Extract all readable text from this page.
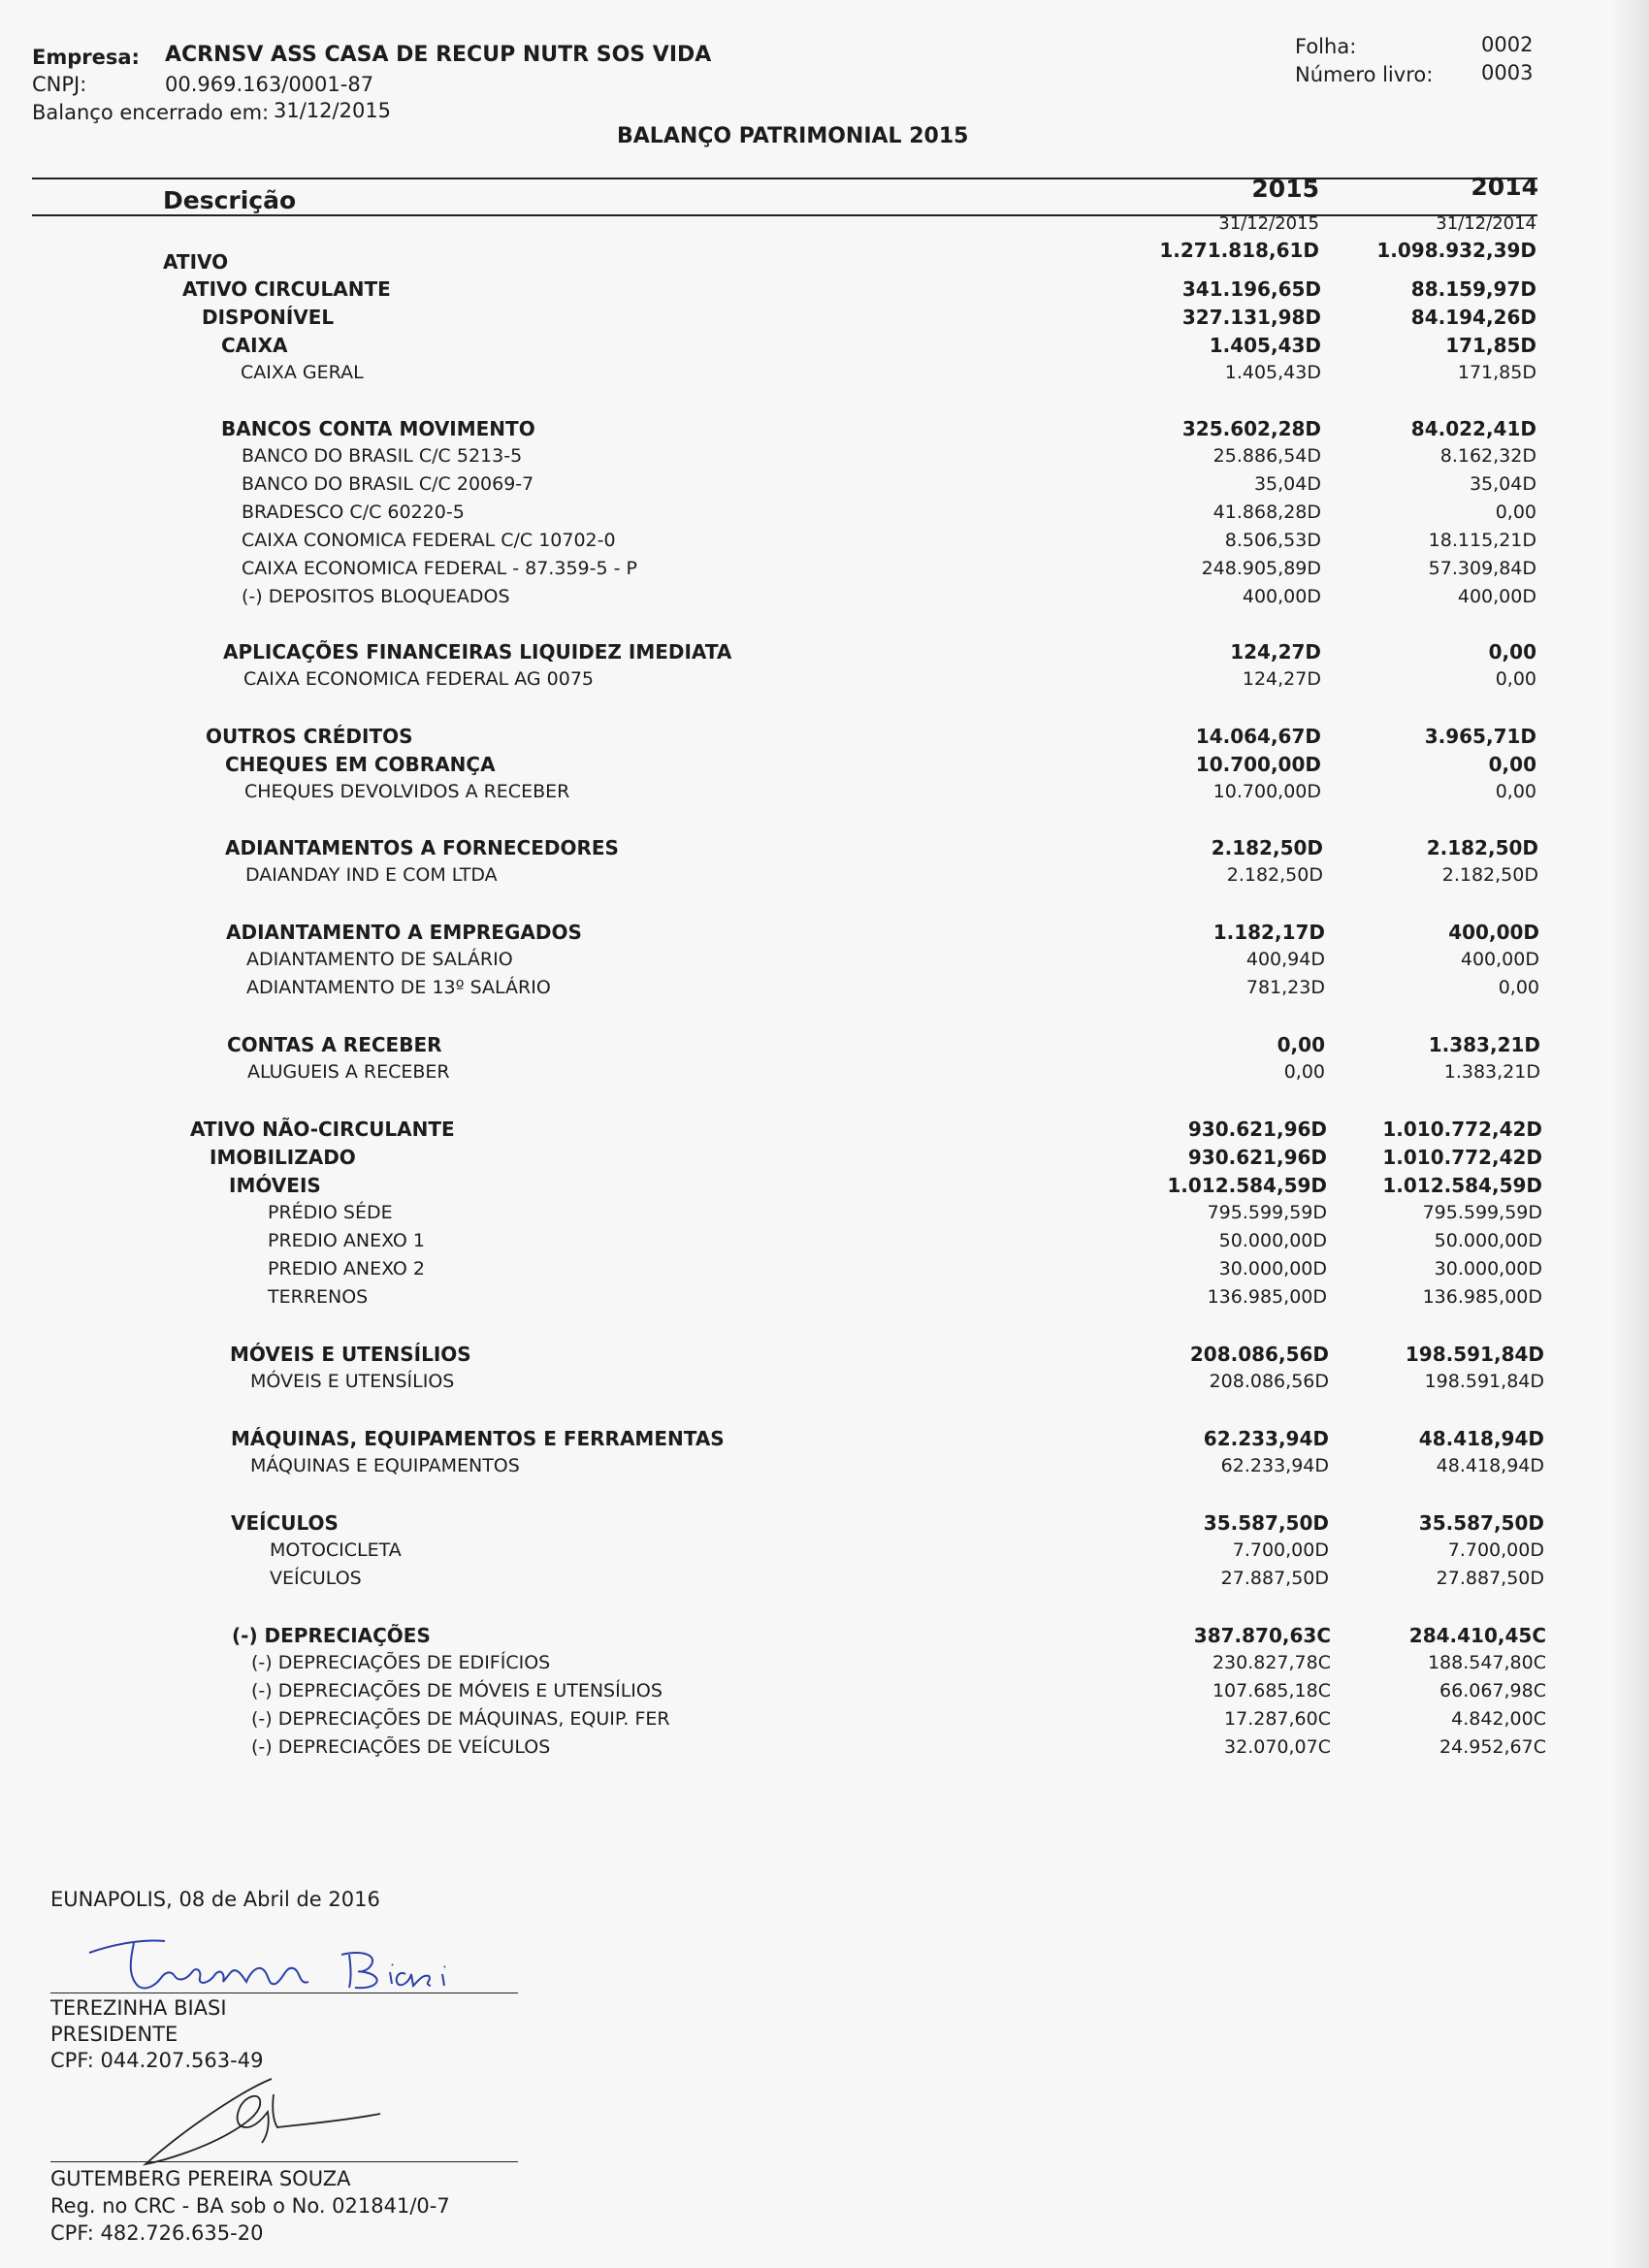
Empresa: ACRNSV ASS CASA DE RECUP NUTR SOS VIDA
CNPJ:	00.969.163/0001-87
Balanço encerrado em: 31/12/2015
Folha:	0002
Número livro: 0003
BALANÇO PATRIMONIAL 2015
Descrição	2015	2014
31/12/2015	31/12/2014
ATIVO	1.271.818,61D	1.098.932,39D
ATIVO CIRCULANTE	341.196,65D	88.159,97D
DISPONÍVEL	327.131,98D	84.194,26D
CAIXA	1.405,43D	171,85D
CAIXA GERAL	1.405,43D	171,85D
BANCOS CONTA MOVIMENTO	325.602,28D	84.022,41D
BANCO DO BRASIL C/C 5213-5	25.886,54D	8.162,32D
BANCO DO BRASIL C/C 20069-7	35,04D	35,04D
BRADESCO C/C 60220-5	41.868,28D	0,00
CAIXA CONOMICA FEDERAL C/C 10702-0	8.506,53D	18.115,21D
CAIXA ECONOMICA FEDERAL - 87.359-5 - P	248.905,89D	57.309,84D
(-) DEPOSITOS BLOQUEADOS	400,00D	400,00D
APLICAÇÕES FINANCEIRAS LIQUIDEZ IMEDIATA	124,27D	0,00
CAIXA ECONOMICA FEDERAL AG 0075	124,27D	0,00
OUTROS CRÉDITOS	14.064,67D	3.965,71D
CHEQUES EM COBRANÇA	10.700,00D	0,00
CHEQUES DEVOLVIDOS A RECEBER	10.700,00D	0,00
ADIANTAMENTOS A FORNECEDORES	2.182,50D	2.182,50D
DAIANDAY IND E COM LTDA	2.182,50D	2.182,50D
ADIANTAMENTO A EMPREGADOS	1.182,17D	400,00D
ADIANTAMENTO DE SALÁRIO	400,94D	400,00D
ADIANTAMENTO DE 13º SALÁRIO	781,23D	0,00
CONTAS A RECEBER	0,00	1.383,21D
ALUGUEIS A RECEBER	0,00	1.383,21D
ATIVO NÃO-CIRCULANTE	930.621,96D	1.010.772,42D
IMOBILIZADO	930.621,96D	1.010.772,42D
IMÓVEIS	1.012.584,59D	1.012.584,59D
PRÉDIO SÉDE	795.599,59D	795.599,59D
PREDIO ANEXO 1	50.000,00D	50.000,00D
PREDIO ANEXO 2	30.000,00D	30.000,00D
TERRENOS	136.985,00D	136.985,00D
MÓVEIS E UTENSÍLIOS	208.086,56D	198.591,84D
MÓVEIS E UTENSÍLIOS	208.086,56D	198.591,84D
MÁQUINAS, EQUIPAMENTOS E FERRAMENTAS	62.233,94D	48.418,94D
MÁQUINAS E EQUIPAMENTOS	62.233,94D	48.418,94D
VEÍCULOS	35.587,50D	35.587,50D
MOTOCICLETA	7.700,00D	7.700,00D
VEÍCULOS	27.887,50D	27.887,50D
(-) DEPRECIAÇÕES	387.870,63C	284.410,45C
(-) DEPRECIAÇÕES DE EDIFÍCIOS	230.827,78C	188.547,80C
(-) DEPRECIAÇÕES DE MÓVEIS E UTENSÍLIOS	107.685,18C	66.067,98C
(-) DEPRECIAÇÕES DE MÁQUINAS, EQUIP. FER	17.287,60C	4.842,00C
(-) DEPRECIAÇÕES DE VEÍCULOS	32.070,07C	24.952,67C
EUNAPOLIS, 08 de Abril de 2016
TEREZINHA BIASI
PRESIDENTE
CPF: 044.207.563-49
GUTEMBERG PEREIRA SOUZA
Reg. no CRC - BA sob o No. 021841/0-7
CPF: 482.726.635-20
